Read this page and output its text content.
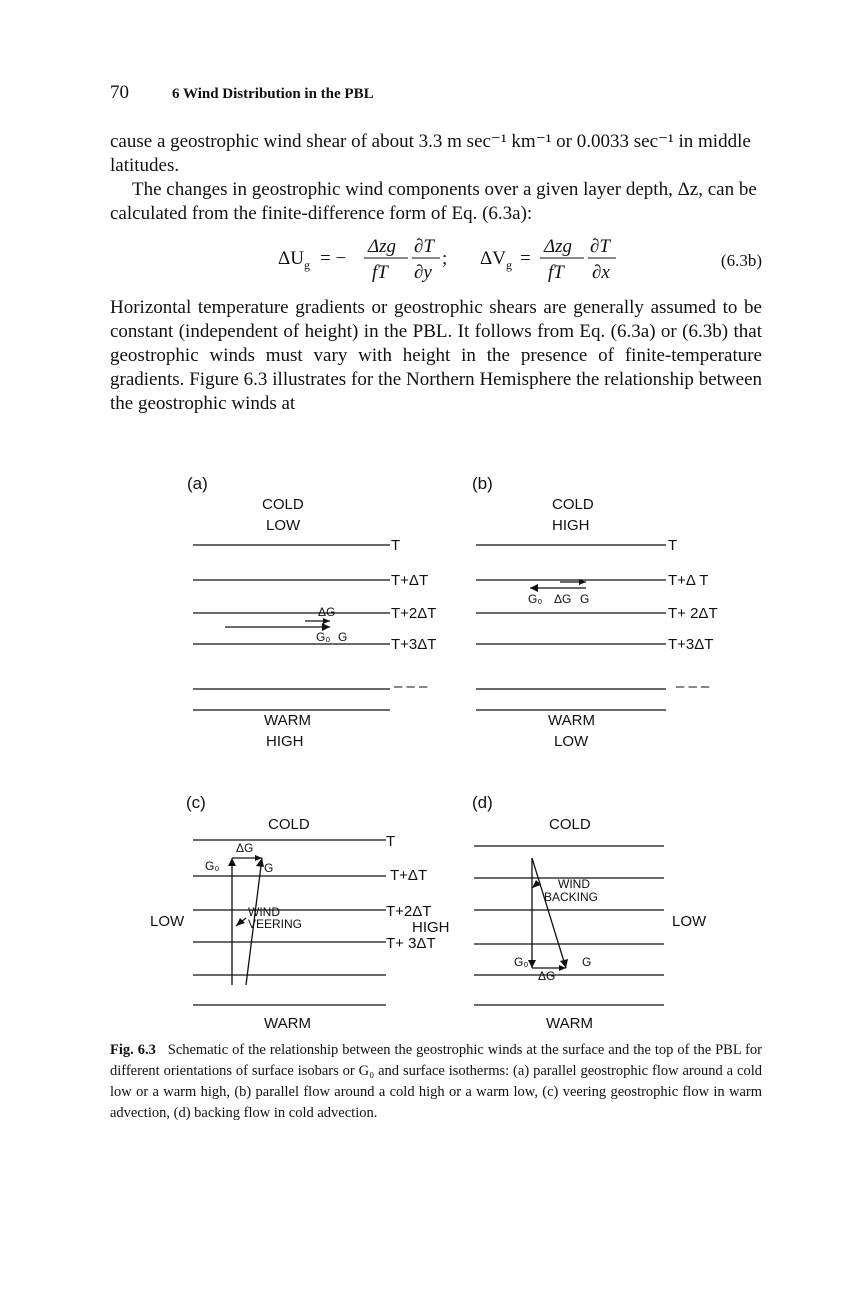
70	6 Wind Distribution in the PBL
cause a geostrophic wind shear of about 3.3 m sec⁻¹ km⁻¹ or 0.0033 sec⁻¹ in middle latitudes.
The changes in geostrophic wind components over a given layer depth, Δz, can be calculated from the finite-difference form of Eq. (6.3a):
ΔU g = −
Δzg
fT
∂T
∂y
; ΔV g =
Δzg
fT
∂T
∂x
(6.3b)
Horizontal temperature gradients or geostrophic shears are generally assumed to be constant (independent of height) in the PBL. It follows from Eq. (6.3a) or (6.3b) that geostrophic winds must vary with height in the presence of finite-temperature gradients. Figure 6.3 illustrates for the Northern Hemisphere the relationship between the geostrophic winds at
(a)
COLD
LOW
T
T+ΔT
T+2ΔT
T+3ΔT
– – –
ΔG
G₀ G
WARM
HIGH
(b)
COLD
HIGH
T
T+Δ T
T+ 2ΔT
T+3ΔT
– – –
G₀ ΔG G
WARM
LOW
(c)
COLD
T
T+ΔT
T+2ΔT
HIGH
T+ 3ΔT
LOW
G₀
ΔG
G
WIND
VEERING
WARM
(d)
COLD
LOW
G₀
ΔG
G
WIND
BACKING
WARM
Fig. 6.3 Schematic of the relationship between the geostrophic winds at the surface and the top of the PBL for different orientations of surface isobars or G₀ and surface isotherms: (a) parallel geostrophic flow around a cold low or a warm high, (b) parallel flow around a cold high or a warm low, (c) veering geostrophic flow in warm advection, (d) backing flow in cold advection.
